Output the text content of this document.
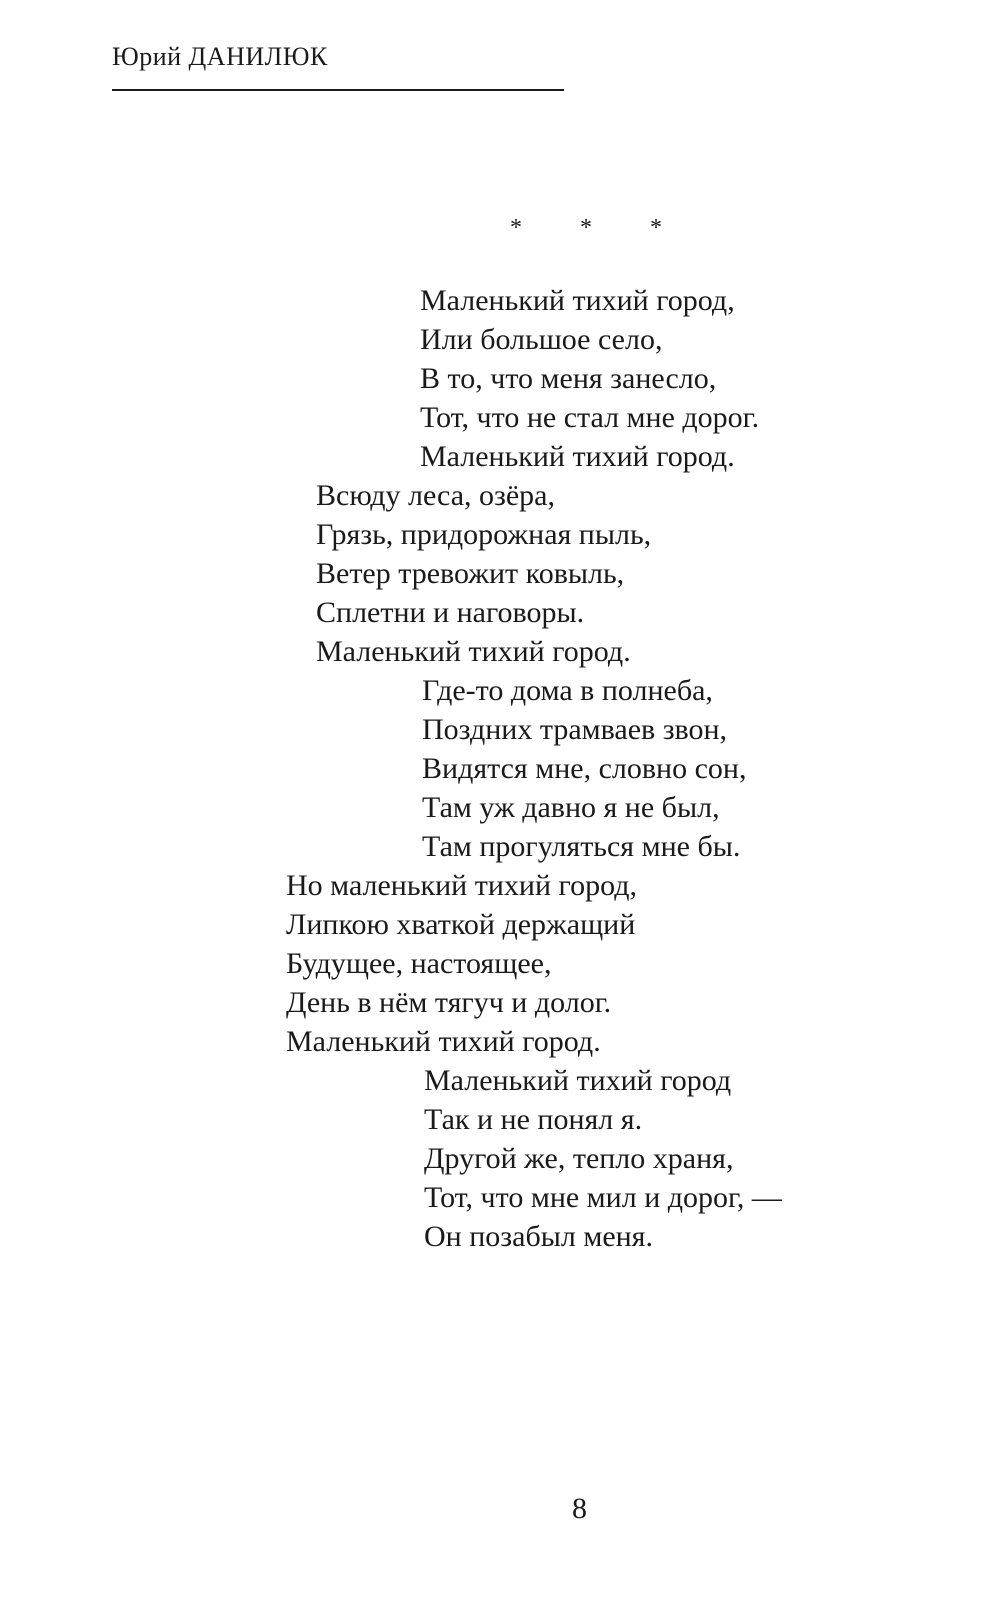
Юрий ДАНИЛЮК
* * *
Маленький тихий город,
Или большое село,
В то, что меня занесло,
Тот, что не стал мне дорог.
Маленький тихий город.
Всюду леса, озёра,
Грязь, придорожная пыль,
Ветер тревожит ковыль,
Сплетни и наговоры.
Маленький тихий город.
Где-то дома в полнеба,
Поздних трамваев звон,
Видятся мне, словно сон,
Там уж давно я не был,
Там прогуляться мне бы.
Но маленький тихий город,
Липкою хваткой держащий
Будущее, настоящее,
День в нём тягуч и долог.
Маленький тихий город.
Маленький тихий город
Так и не понял я.
Другой же, тепло храня,
Тот, что мне мил и дорог, —
Он позабыл меня.
8
